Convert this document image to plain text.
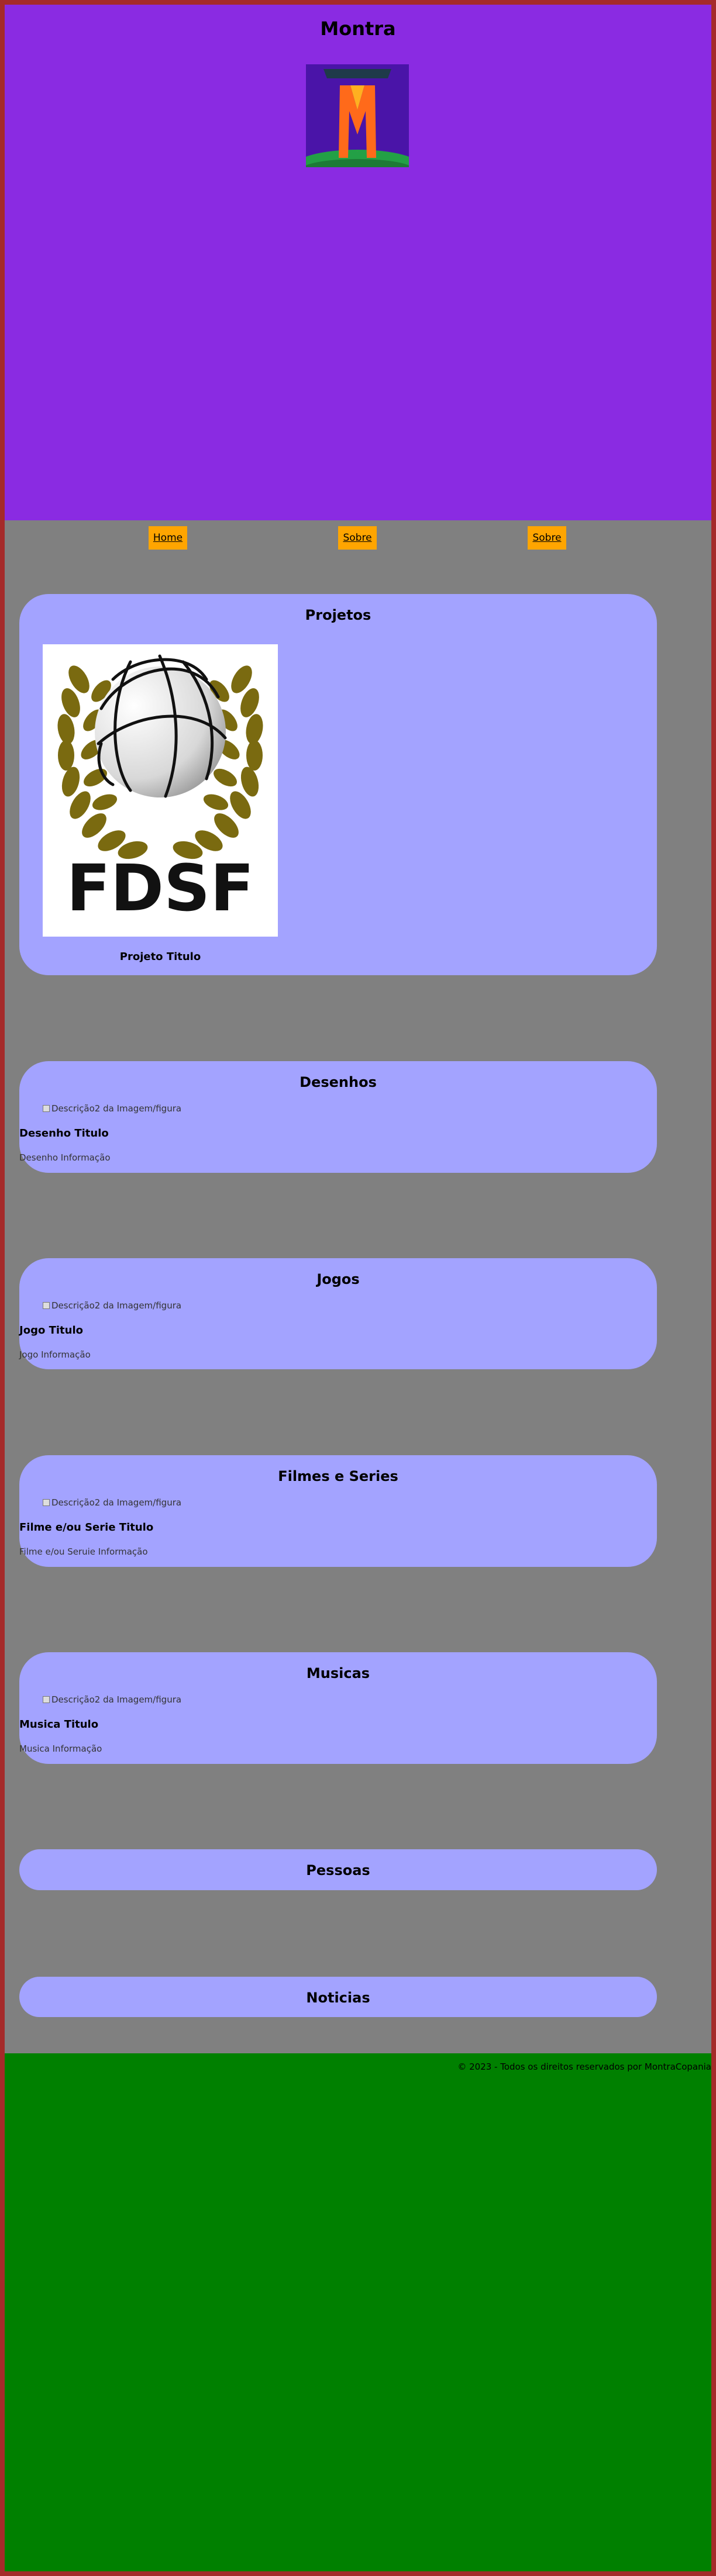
Montra
M
Home	Sobre	Sobre
Projetos
FDSF
Projeto Titulo
Desenhos
Descrição2 da Imagem/figura
Desenho Titulo
Desenho Informação
Jogos
Descrição2 da Imagem/figura
Jogo Titulo
Jogo Informação
Filmes e Series
Descrição2 da Imagem/figura
Filme e/ou Serie Titulo
Filme e/ou Seruie Informação
Musicas
Descrição2 da Imagem/figura
Musica Titulo
Musica Informação
Pessoas
Noticias
© 2023 - Todos os direitos reservados por MontraCopania
